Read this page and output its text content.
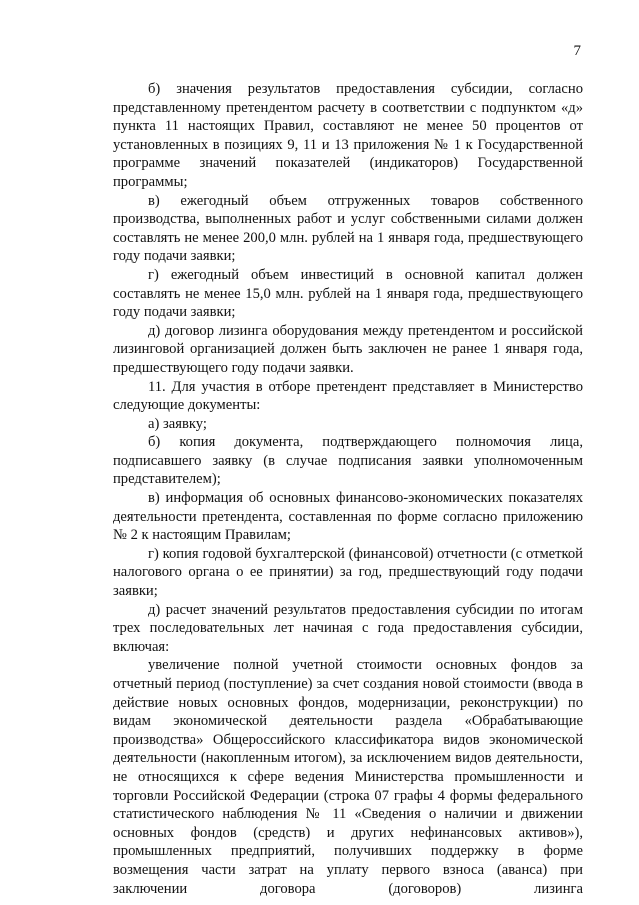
7

б) значения результатов предоставления субсидии, согласно представленному претендентом расчету в соответствии с подпунктом «д» пункта 11 настоящих Правил, составляют не менее 50 процентов от установленных в позициях 9, 11 и 13 приложения № 1 к Государственной программе значений показателей (индикаторов) Государственной программы;

в) ежегодный объем отгруженных товаров собственного производства, выполненных работ и услуг собственными силами должен составлять не менее 200,0 млн. рублей на 1 января года, предшествующего году подачи заявки;

г) ежегодный объем инвестиций в основной капитал должен составлять не менее 15,0 млн. рублей на 1 января года, предшествующего году подачи заявки;

д) договор лизинга оборудования между претендентом и российской лизинговой организацией должен быть заключен не ранее 1 января года, предшествующего году подачи заявки.

11. Для участия в отборе претендент представляет в Министерство следующие документы:

а) заявку;

б) копия документа, подтверждающего полномочия лица, подписавшего заявку (в случае подписания заявки уполномоченным представителем);

в) информация об основных финансово-экономических показателях деятельности претендента, составленная по форме согласно приложению № 2 к настоящим Правилам;

г) копия годовой бухгалтерской (финансовой) отчетности (с отметкой налогового органа о ее принятии) за год, предшествующий году подачи заявки;

д) расчет значений результатов предоставления субсидии по итогам трех последовательных лет начиная с года предоставления субсидии, включая:

увеличение полной учетной стоимости основных фондов за отчетный период (поступление) за счет создания новой стоимости (ввода в действие новых основных фондов, модернизации, реконструкции) по видам экономической деятельности раздела «Обрабатывающие производства» Общероссийского классификатора видов экономической деятельности (накопленным итогом), за исключением видов деятельности, не относящихся к сфере ведения Министерства промышленности и торговли Российской Федерации (строка 07 графы 4 формы федерального статистического наблюдения № 11 «Сведения о наличии и движении основных фондов (средств) и других нефинансовых активов»), промышленных предприятий, получивших поддержку в форме возмещения части затрат на уплату первого взноса (аванса) при заключении договора (договоров) лизинга
